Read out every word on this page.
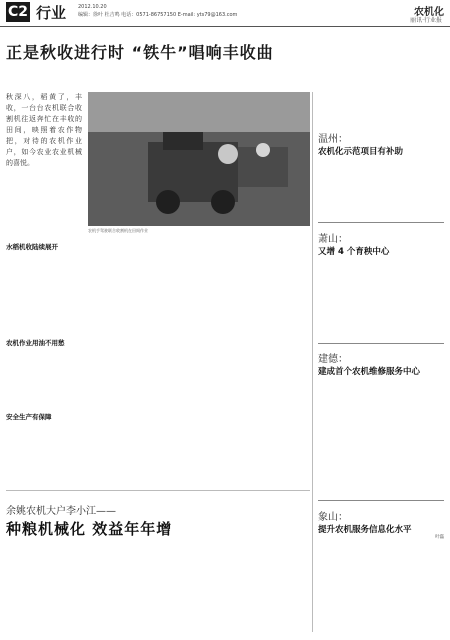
C2 行业 2012.10.20
编辑：徐叶 杜吉鸣 电话：0571-86757150 E-mail: yts79@163.com	农机化
丽讯·行业报
正是秋收进行时 “铁牛”唱响丰收曲
秋深八，稻黄了，丰收，一台台农机联合收割机往返奔忙在丰收的田间，映照着农作物把，对待的农机作业户，如今农业农业机械的喜悦。
农机手驾驶联合收割机在田间作业
水稻机收陆续展开
农机作业用油不用愁
安全生产有保障
余姚农机大户李小江——
种粮机械化 效益年年增
温州：
农机化示范项目有补助
萧山：
又增 4 个育秧中心
建德：
建成首个农机维修服务中心
象山：
提升农机服务信息化水平
叶磊
